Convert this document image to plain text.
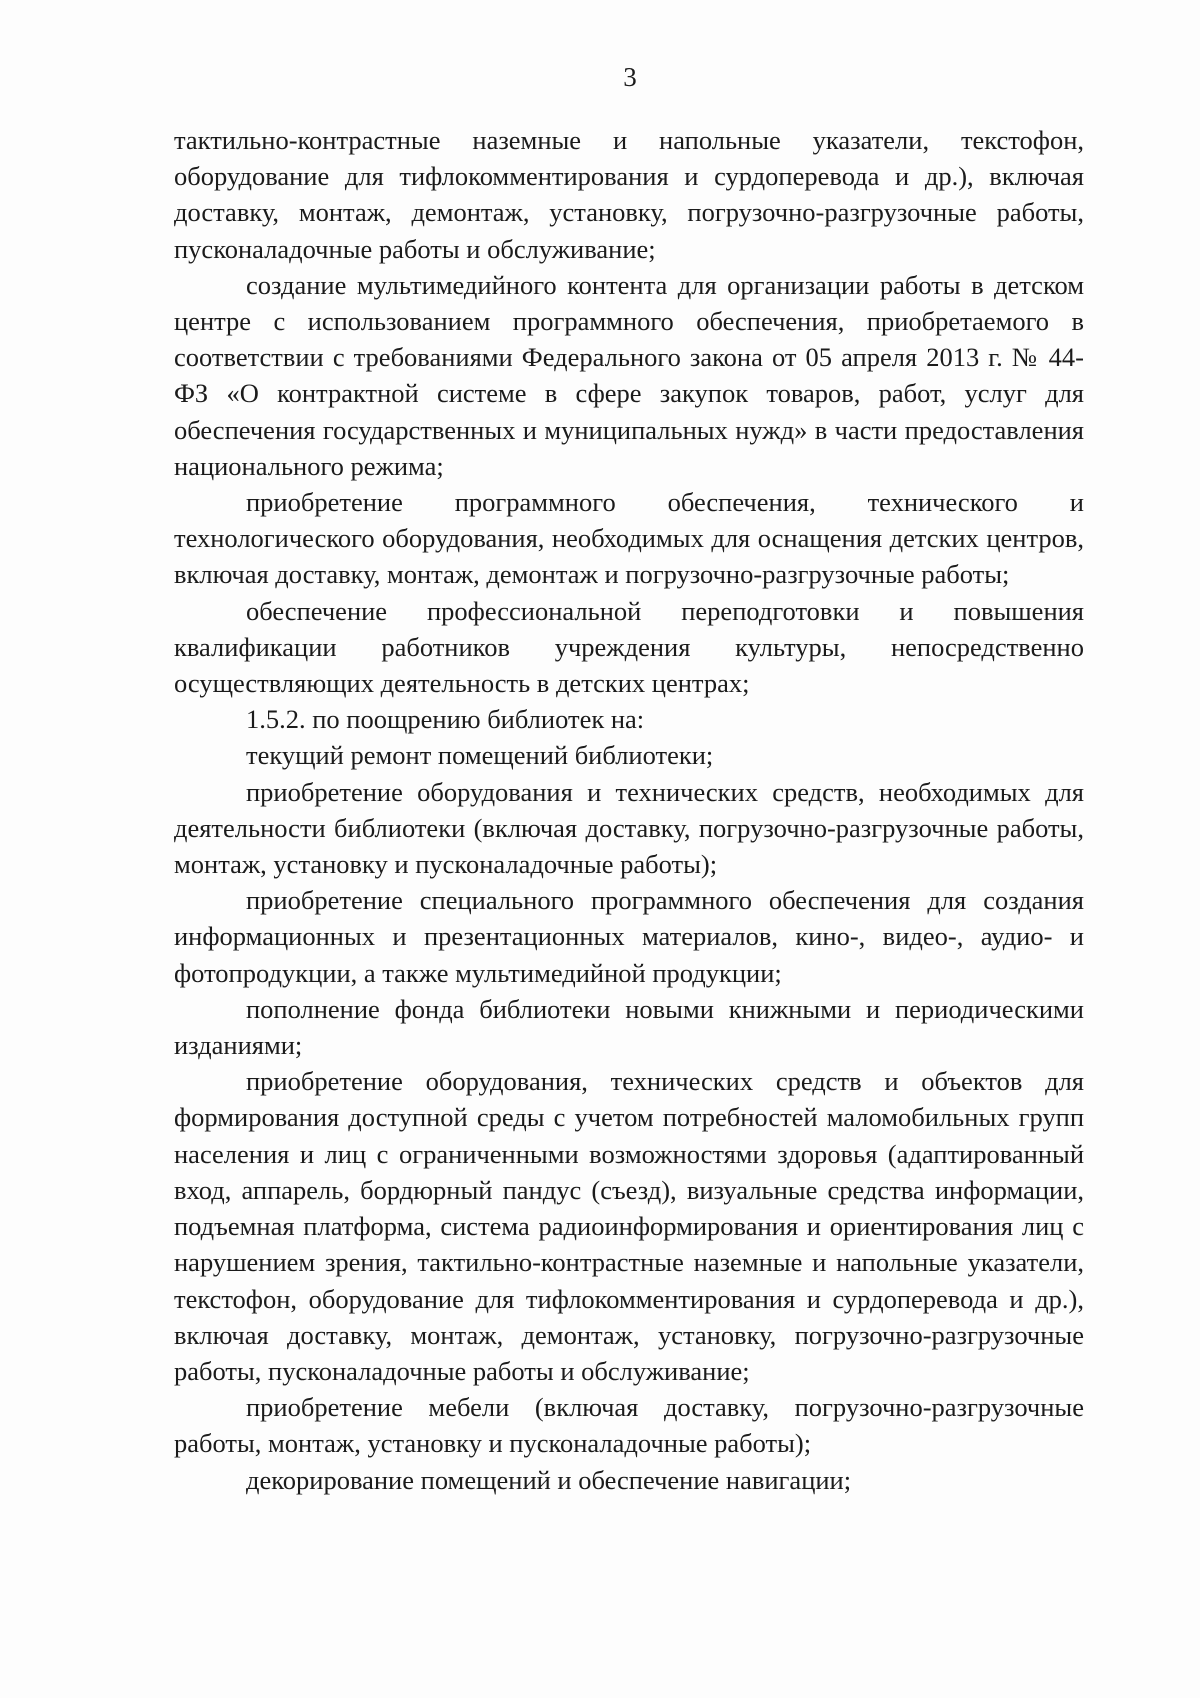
3

тактильно-контрастные наземные и напольные указатели, текстофон, оборудование для тифлокомментирования и сурдоперевода и др.), включая доставку, монтаж, демонтаж, установку, погрузочно-разгрузочные работы, пусконаладочные работы и обслуживание;

создание мультимедийного контента для организации работы в детском центре с использованием программного обеспечения, приобретаемого в соответствии с требованиями Федерального закона от 05 апреля 2013 г. № 44-ФЗ «О контрактной системе в сфере закупок товаров, работ, услуг для обеспечения государственных и муниципальных нужд» в части предоставления национального режима;

приобретение программного обеспечения, технического и технологического оборудования, необходимых для оснащения детских центров, включая доставку, монтаж, демонтаж и погрузочно-разгрузочные работы;

обеспечение профессиональной переподготовки и повышения квалификации работников учреждения культуры, непосредственно осуществляющих деятельность в детских центрах;

1.5.2. по поощрению библиотек на:

текущий ремонт помещений библиотеки;

приобретение оборудования и технических средств, необходимых для деятельности библиотеки (включая доставку, погрузочно-разгрузочные работы, монтаж, установку и пусконаладочные работы);

приобретение специального программного обеспечения для создания информационных и презентационных материалов, кино-, видео-, аудио- и фотопродукции, а также мультимедийной продукции;

пополнение фонда библиотеки новыми книжными и периодическими изданиями;

приобретение оборудования, технических средств и объектов для формирования доступной среды с учетом потребностей маломобильных групп населения и лиц с ограниченными возможностями здоровья (адаптированный вход, аппарель, бордюрный пандус (съезд), визуальные средства информации, подъемная платформа, система радиоинформирования и ориентирования лиц с нарушением зрения, тактильно-контрастные наземные и напольные указатели, текстофон, оборудование для тифлокомментирования и сурдоперевода и др.), включая доставку, монтаж, демонтаж, установку, погрузочно-разгрузочные работы, пусконаладочные работы и обслуживание;

приобретение мебели (включая доставку, погрузочно-разгрузочные работы, монтаж, установку и пусконаладочные работы);

декорирование помещений и обеспечение навигации;
